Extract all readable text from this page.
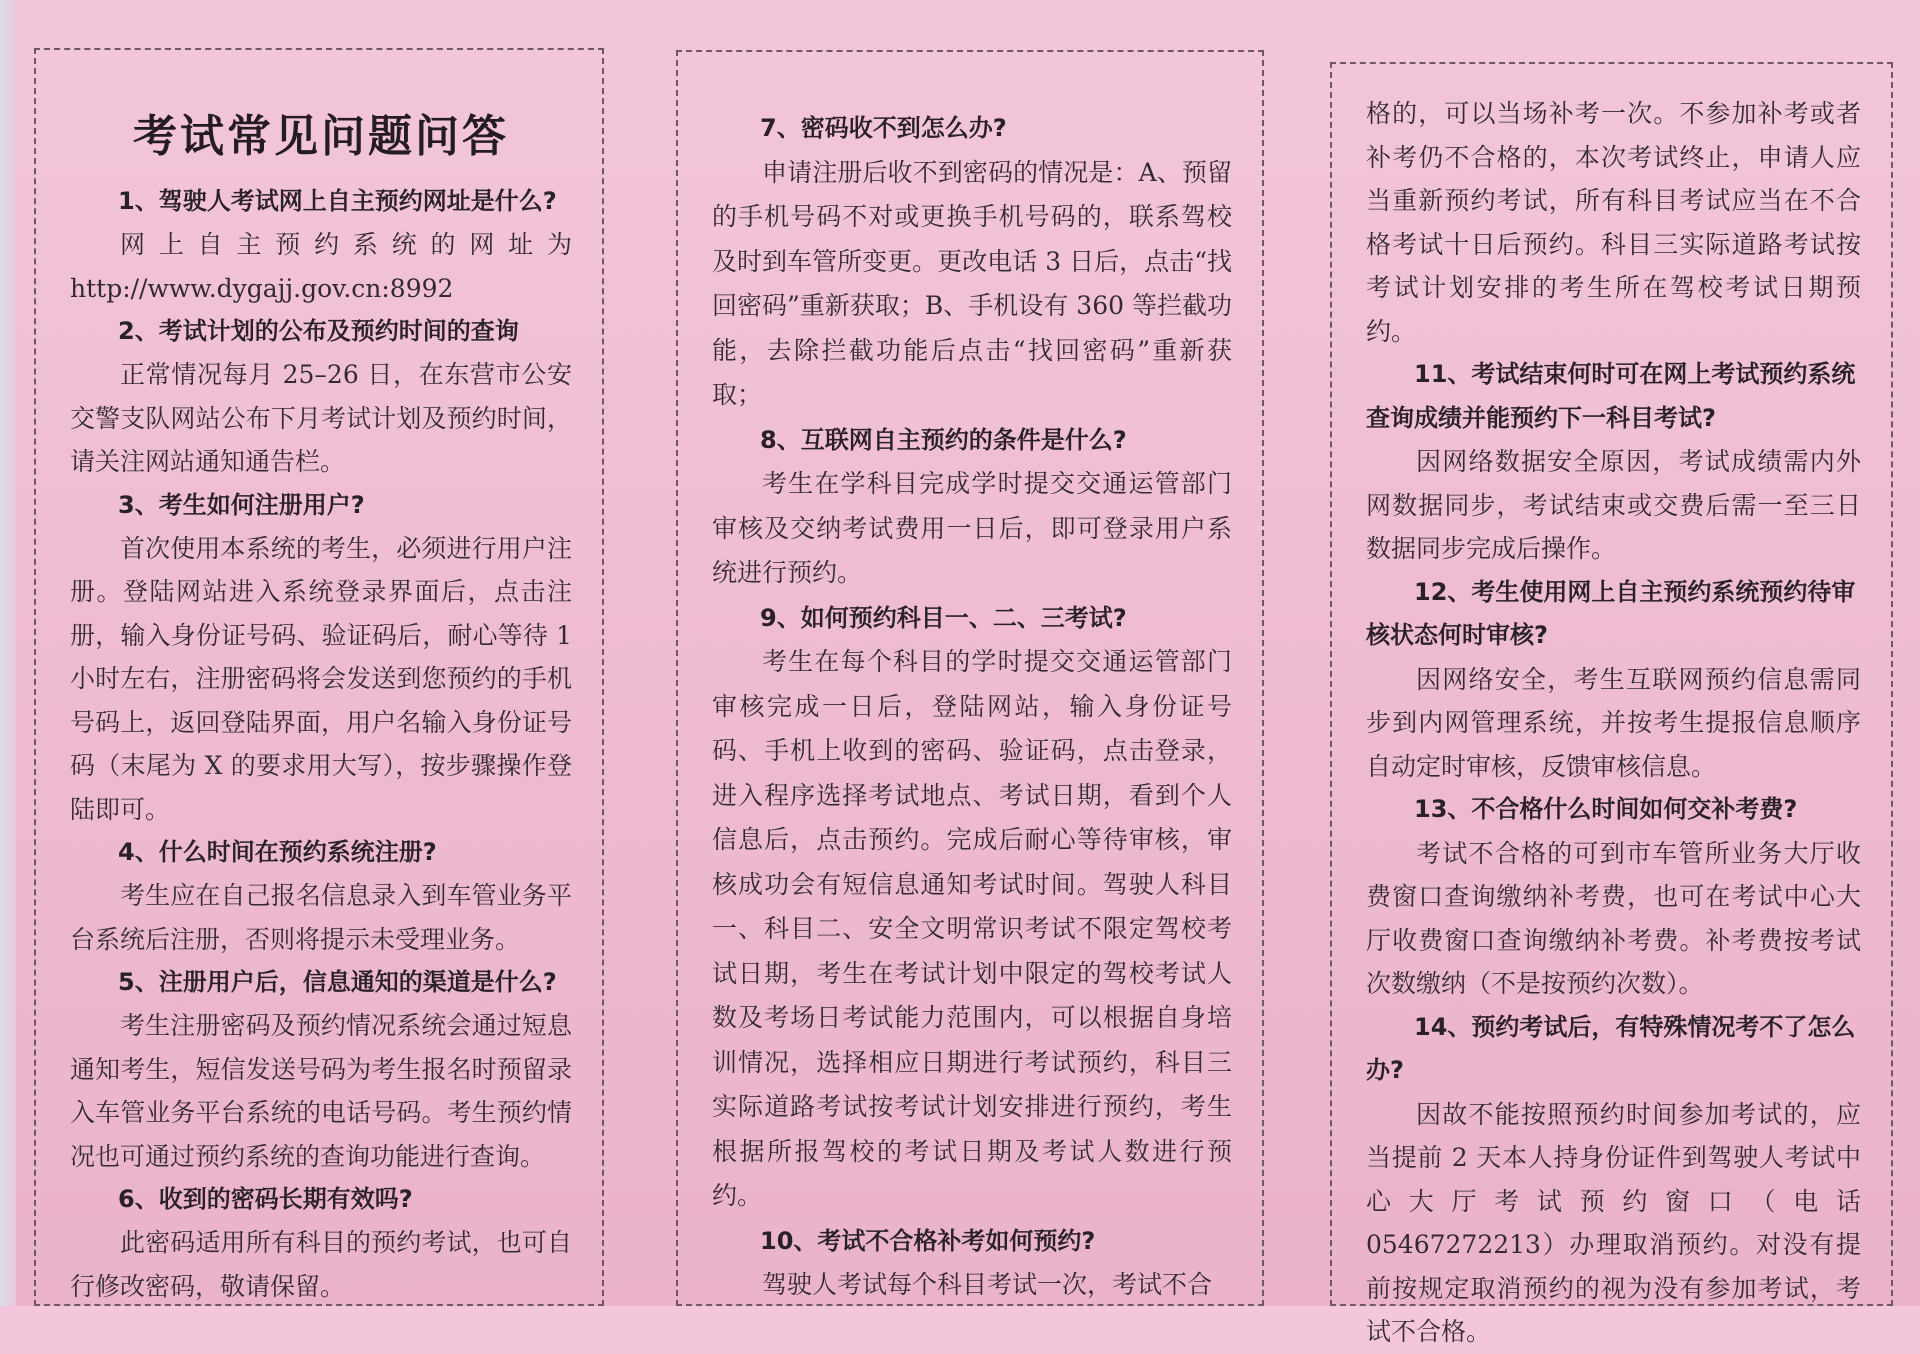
考试常见问题问答

1、驾驶人考试网上自主预约网址是什么?

网上自主预约系统的网址为 http://www.dygajj.gov.cn:8992

2、考试计划的公布及预约时间的查询

正常情况每月 25–26 日，在东营市公安交警支队网站公布下月考试计划及预约时间，请关注网站通知通告栏。

3、考生如何注册用户?

首次使用本系统的考生，必须进行用户注册。登陆网站进入系统登录界面后，点击注册，输入身份证号码、验证码后，耐心等待 1 小时左右，注册密码将会发送到您预约的手机号码上，返回登陆界面，用户名输入身份证号码（末尾为 X 的要求用大写），按步骤操作登陆即可。

4、什么时间在预约系统注册?

考生应在自己报名信息录入到车管业务平台系统后注册，否则将提示未受理业务。

5、注册用户后，信息通知的渠道是什么?

考生注册密码及预约情况系统会通过短息通知考生，短信发送号码为考生报名时预留录入车管业务平台系统的电话号码。考生预约情况也可通过预约系统的查询功能进行查询。

6、收到的密码长期有效吗?

此密码适用所有科目的预约考试，也可自行修改密码，敬请保留。

7、密码收不到怎么办?

申请注册后收不到密码的情况是：A、预留的手机号码不对或更换手机号码的，联系驾校及时到车管所变更。更改电话 3 日后，点击“找回密码”重新获取；B、手机设有 360 等拦截功能，去除拦截功能后点击“找回密码”重新获取；

8、互联网自主预约的条件是什么?

考生在学科目完成学时提交交通运管部门审核及交纳考试费用一日后，即可登录用户系统进行预约。

9、如何预约科目一、二、三考试?

考生在每个科目的学时提交交通运管部门审核完成一日后，登陆网站，输入身份证号码、手机上收到的密码、验证码，点击登录，进入程序选择考试地点、考试日期，看到个人信息后，点击预约。完成后耐心等待审核，审核成功会有短信息通知考试时间。驾驶人科目一、科目二、安全文明常识考试不限定驾校考试日期，考生在考试计划中限定的驾校考试人数及考场日考试能力范围内，可以根据自身培训情况，选择相应日期进行考试预约，科目三实际道路考试按考试计划安排进行预约，考生根据所报驾校的考试日期及考试人数进行预约。

10、考试不合格补考如何预约?

驾驶人考试每个科目考试一次，考试不合

格的，可以当场补考一次。不参加补考或者补考仍不合格的，本次考试终止，申请人应当重新预约考试，所有科目考试应当在不合格考试十日后预约。科目三实际道路考试按考试计划安排的考生所在驾校考试日期预约。

11、考试结束何时可在网上考试预约系统查询成绩并能预约下一科目考试?

因网络数据安全原因，考试成绩需内外网数据同步，考试结束或交费后需一至三日数据同步完成后操作。

12、考生使用网上自主预约系统预约待审核状态何时审核?

因网络安全，考生互联网预约信息需同步到内网管理系统，并按考生提报信息顺序自动定时审核，反馈审核信息。

13、不合格什么时间如何交补考费?

考试不合格的可到市车管所业务大厅收费窗口查询缴纳补考费，也可在考试中心大厅收费窗口查询缴纳补考费。补考费按考试次数缴纳（不是按预约次数）。

14、预约考试后，有特殊情况考不了怎么办?

因故不能按照预约时间参加考试的，应当提前 2 天本人持身份证件到驾驶人考试中心大厅考试预约窗口（电话 05467272213）办理取消预约。对没有提前按规定取消预约的视为没有参加考试，考试不合格。
